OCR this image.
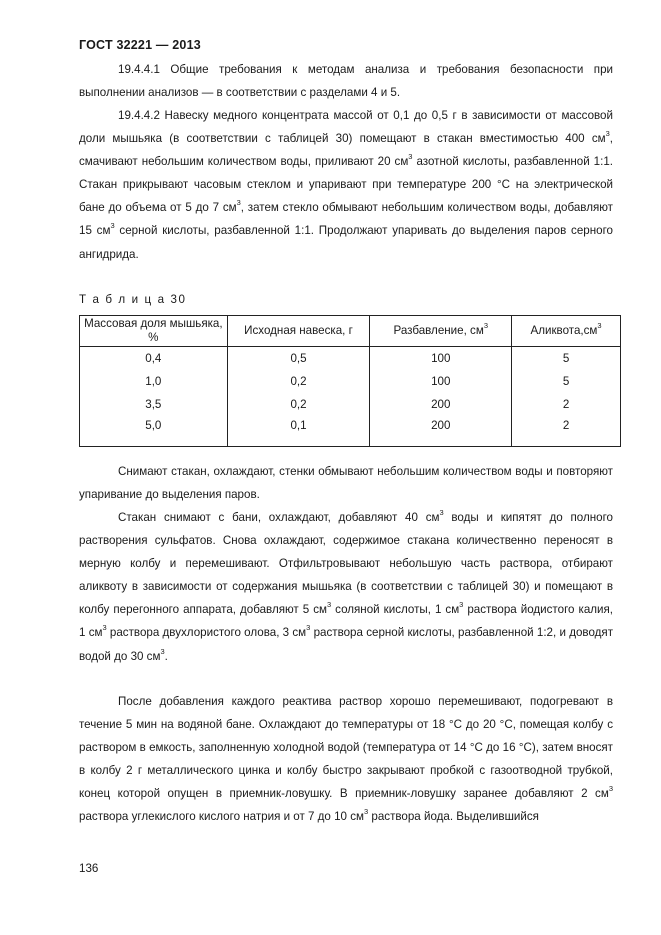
ГОСТ 32221 — 2013
19.4.4.1 Общие требования к методам анализа и требования безопасности при выполнении анализов — в соответствии с разделами 4 и 5.
19.4.4.2 Навеску медного концентрата массой от 0,1 до 0,5 г в зависимости от массовой доли мышьяка (в соответствии с таблицей 30) помещают в стакан вместимостью 400 $см^3$, смачивают небольшим количеством воды, приливают 20 $см^3$ азотной кислоты, разбавленной 1:1. Стакан прикрывают часовым стеклом и упаривают при температуре 200 °С на электрической бане до объема от 5 до 7 $см^3$, затем стекло обмывают небольшим количеством воды, добавляют 15 $см^3$ серной кислоты, разбавленной 1:1. Продолжают упаривать до выделения паров серного ангидрида.
Т а б л и ц а 30
Массовая доля мышьяка, %	Исходная навеска, г	Разбавление, $см^3$	$Аликвота,см^3$
0,4	0,5	100	5
1,0	0,2	100	5
3,5	0,2	200	2
5,0	0,1	200	2
Снимают стакан, охлаждают, стенки обмывают небольшим количеством воды и повторяют упаривание до выделения паров.
Стакан снимают с бани, охлаждают, добавляют 40 $см^3$ воды и кипятят до полного растворения сульфатов. Снова охлаждают, содержимое стакана количественно переносят в мерную колбу и перемешивают. Отфильтровывают небольшую часть раствора, отбирают аликвоту в зависимости от содержания мышьяка (в соответствии с таблицей 30) и помещают в колбу перегонного аппарата, добавляют 5 $см^3$ соляной кислоты, 1 $см^3$ раствора йодистого калия, 1 $см^3$ раствора двухлористого олова, 3 $см^3$ раствора серной кислоты, разбавленной 1:2, и доводят водой до 30 $см^3$.
После добавления каждого реактива раствор хорошо перемешивают, подогревают в течение 5 мин на водяной бане. Охлаждают до температуры от 18 °С до 20 °С, помещая колбу с раствором в емкость, заполненную холодной водой (температура от 14 °С до 16 °С), затем вносят в колбу 2 г металлического цинка и колбу быстро закрывают пробкой с газоотводной трубкой, конец которой опущен в приемник-ловушку. В приемник-ловушку заранее добавляют 2 $см^3$ раствора углекислого кислого натрия и от 7 до 10 $см^3$ раствора йода. Выделившийся
136
